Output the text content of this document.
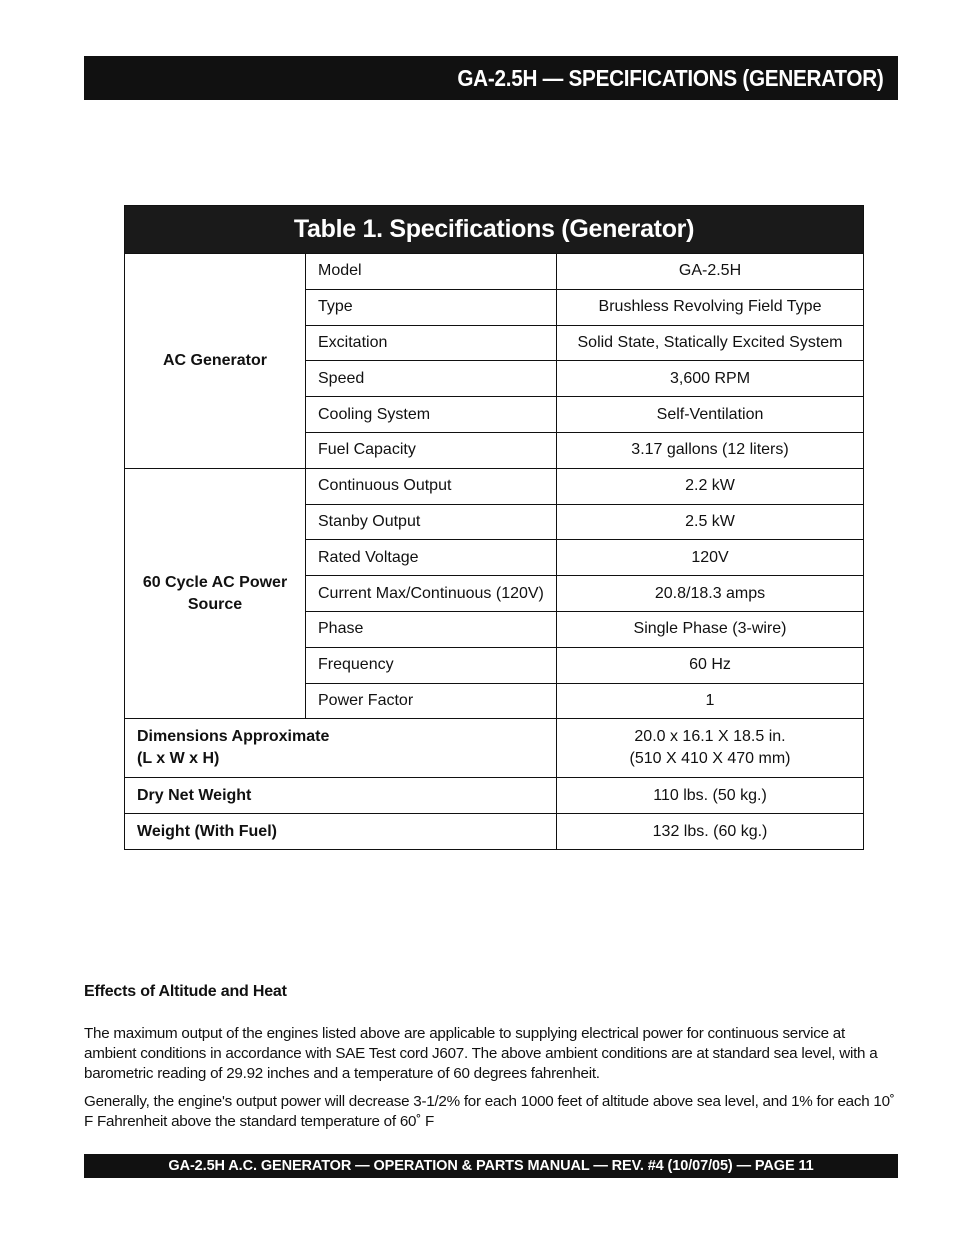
GA-2.5H — SPECIFICATIONS (GENERATOR)
Table 1. Specifications (Generator)		
AC Generator	Model	GA-2.5H
	Type	Brushless Revolving Field Type
	Excitation	Solid State, Statically Excited System
	Speed	3,600 RPM
	Cooling System	Self-Ventilation
	Fuel Capacity	3.17 gallons (12 liters)
60 Cycle AC Power
Source	Continuous Output	2.2 kW
	Stanby Output	2.5 kW
	Rated Voltage	120V
	Current Max/Continuous (120V)	20.8/18.3 amps
	Phase	Single Phase (3-wire)
	Frequency	60 Hz
	Power Factor	1
Dimensions Approximate
(L x W x H)		20.0 x 16.1 X 18.5 in.
(510 X 410 X 470 mm)
Dry Net Weight		110 lbs. (50 kg.)
Weight (With Fuel)		132 lbs. (60 kg.)
Effects of Altitude and Heat
The maximum output of the engines listed above are applicable to supplying electrical power for continuous service at ambient conditions in accordance with SAE Test cord J607. The above ambient conditions are at standard sea level, with a barometric reading of 29.92 inches and a temperature of 60 degrees fahrenheit.
Generally, the engine's output power will decrease 3-1/2% for each 1000 feet of altitude above sea level, and 1% for each 10˚ F Fahrenheit above the standard temperature of 60˚ F
GA-2.5H A.C. GENERATOR — OPERATION & PARTS MANUAL — REV. #4 (10/07/05) — PAGE 11
